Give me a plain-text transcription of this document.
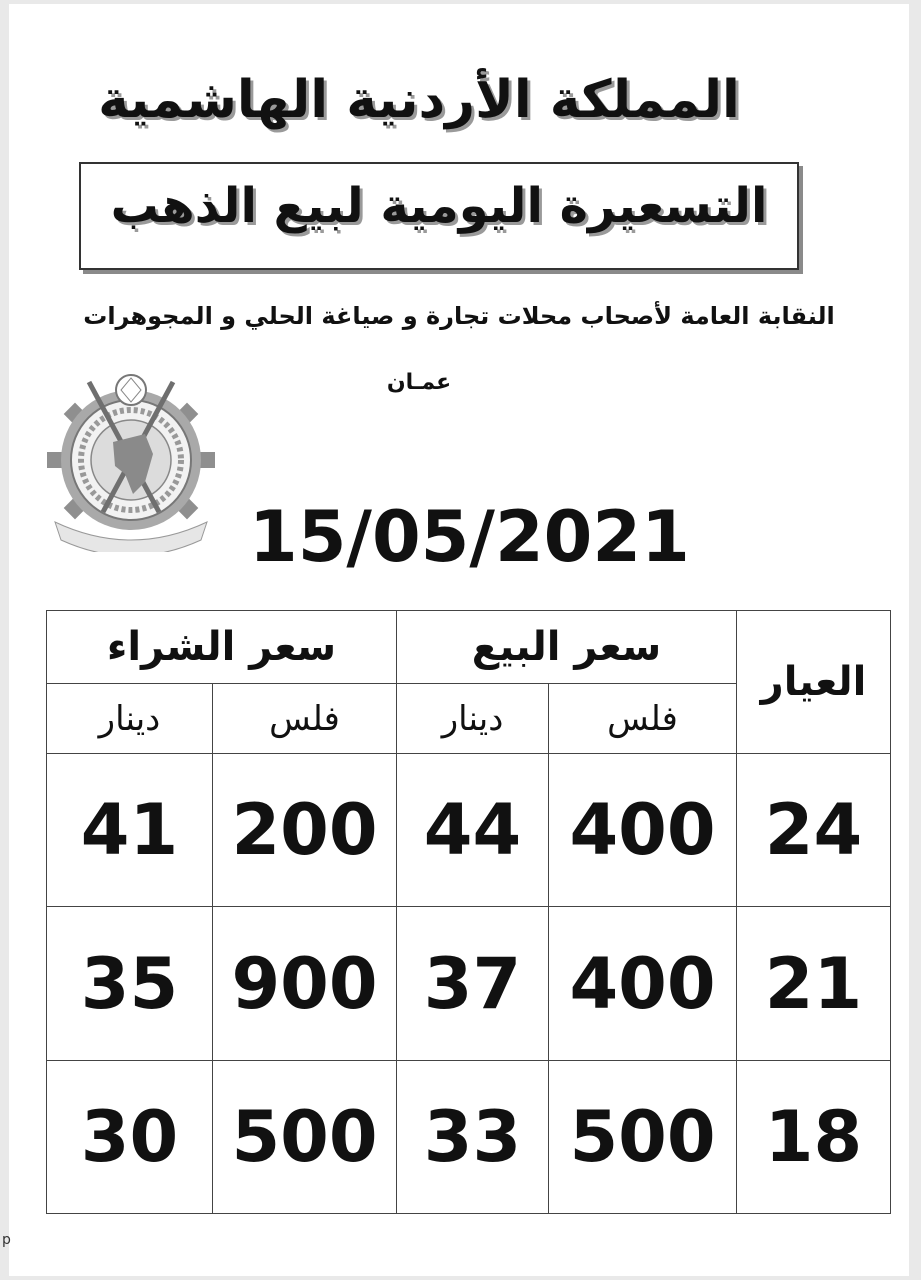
المملكة الأردنية الهاشمية
التسعيرة اليومية لبيع الذهب
النقابة العامة لأصحاب محلات تجارة و صياغة الحلي و المجوهرات
عمـان
15/05/2021
سعر الشراء		سعر البيع		العيار
دينار	فلس	دينار	فلس	
41	200	44	400	24
35	900	37	400	21
30	500	33	500	18
p
